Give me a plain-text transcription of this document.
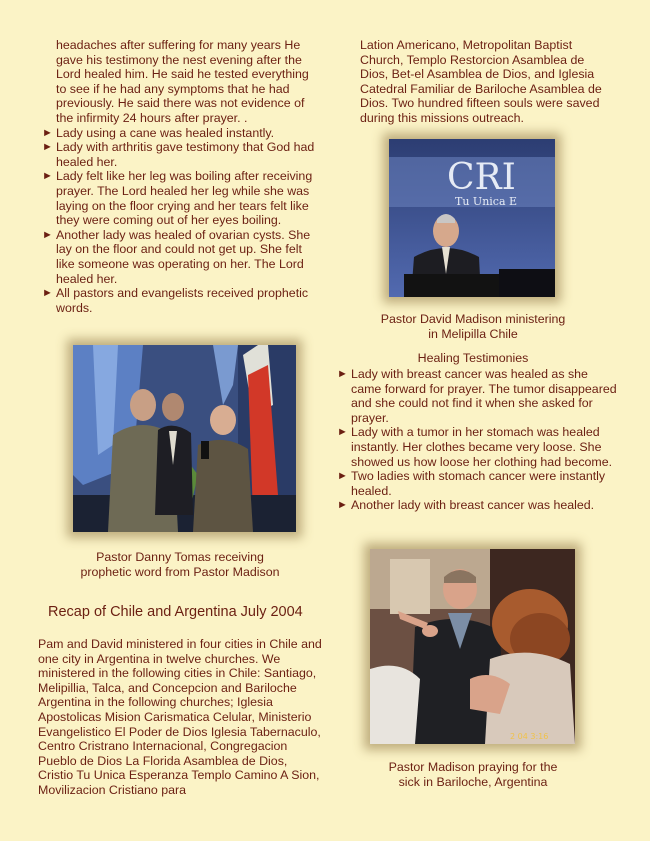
headaches after suffering for many years He gave his testimony the nest evening after the Lord healed him. He said he tested everything to see if he had any symptoms that he had previously. He said there was not evidence of the infirmity 24 hours after prayer. .

► Lady using a cane was healed instantly.
► Lady with arthritis gave testimony that God had healed her.
► Lady felt like her leg was boiling after receiving prayer. The Lord healed her leg while she was laying on the floor crying and her tears felt like they were coming out of her eyes boiling.
► Another lady was healed of ovarian cysts. She lay on the floor and could not get up. She felt like someone was operating on her. The Lord healed her.
► All pastors and evangelists received prophetic words.
Pastor Danny Tomas receiving
prophetic word from Pastor Madison
Recap of Chile and Argentina July 2004

Pam and David ministered in four cities in Chile and one city in Argentina in twelve churches. We ministered in the following cities in Chile: Santiago, Melipillia, Talca, and Concepcion and Bariloche Argentina in the following churches; Iglesia Apostolicas Mision Carismatica Celular, Ministerio Evangelistico El Poder de Dios Iglesia Tabernaculo, Centro Cristrano Internacional, Congregacion Pueblo de Dios La Florida Asamblea de Dios, Cristio Tu Unica Esperanza Templo Camino A Sion, Movilizacion Cristiano para

Lation Americano, Metropolitan Baptist Church, Templo Restorcion Asamblea de Dios, Bet-el Asamblea de Dios, and Iglesia Catedral Familiar de Bariloche Asamblea de Dios. Two hundred fifteen souls were saved during this missions outreach.

CRI
Tu Unica E
Pastor David Madison ministering
in Melipilla Chile
Healing Testimonies
► Lady with breast cancer was healed as she came forward for prayer. The tumor disappeared and she could not find it when she asked for prayer.
► Lady with a tumor in her stomach was healed instantly. Her clothes became very loose. She showed us how loose her clothing had become.
► Two ladies with stomach cancer were instantly healed.
► Another lady with breast cancer was healed.
2 04 3:16
Pastor Madison praying for the
sick in Bariloche, Argentina
